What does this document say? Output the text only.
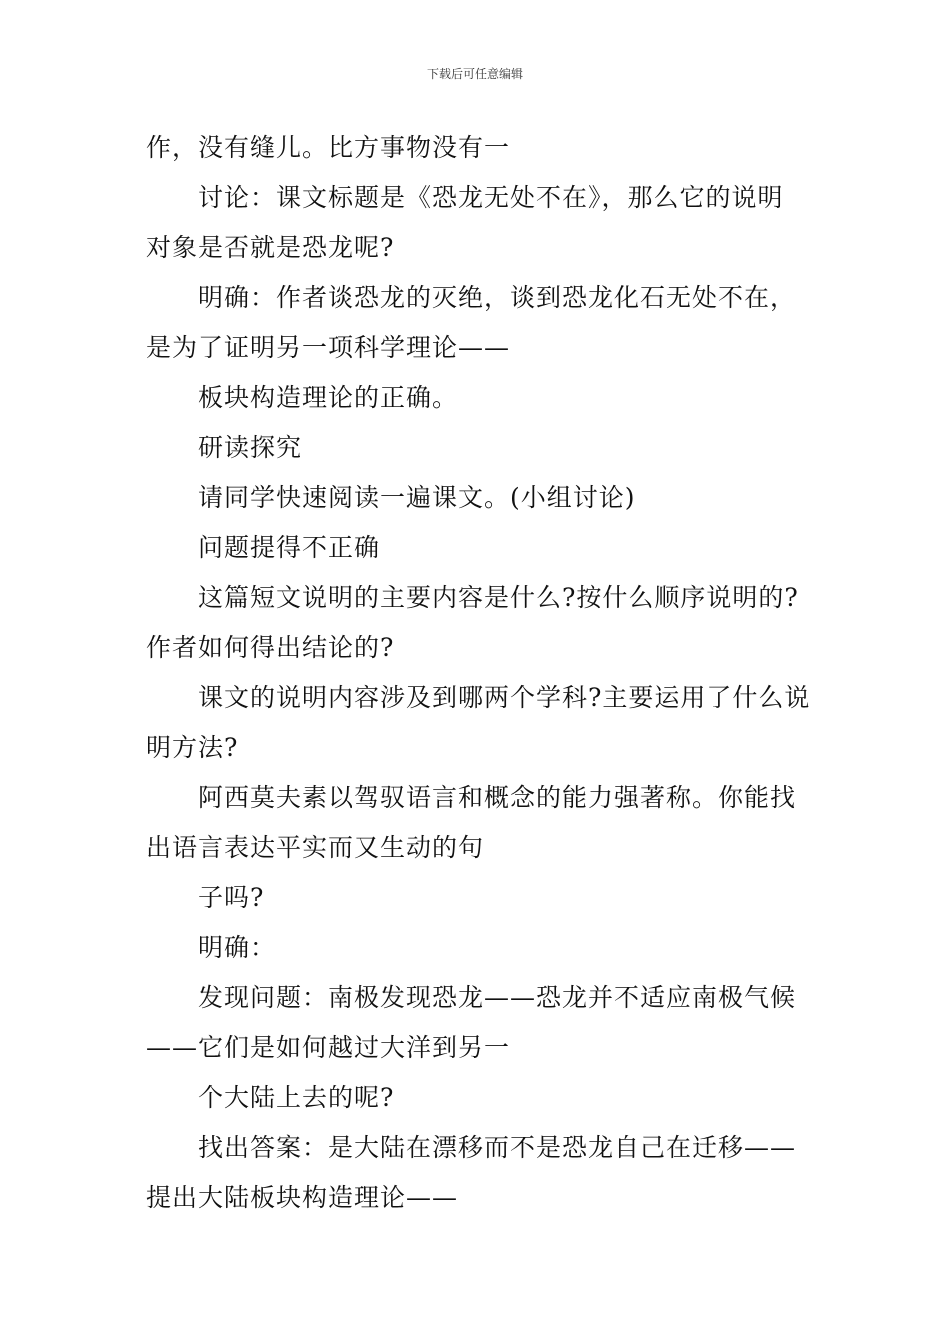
下载后可任意编辑
作，没有缝儿。比方事物没有一
讨论：课文标题是《恐龙无处不在》，那么它的说明
对象是否就是恐龙呢?
明确：作者谈恐龙的灭绝，谈到恐龙化石无处不在，
是为了证明另一项科学理论——
板块构造理论的正确。
研读探究
请同学快速阅读一遍课文。(小组讨论)
问题提得不正确
这篇短文说明的主要内容是什么?按什么顺序说明的?
作者如何得出结论的?
课文的说明内容涉及到哪两个学科?主要运用了什么说
明方法?
阿西莫夫素以驾驭语言和概念的能力强著称。你能找
出语言表达平实而又生动的句
子吗?
明确：
发现问题：南极发现恐龙——恐龙并不适应南极气候
——它们是如何越过大洋到另一
个大陆上去的呢?
找出答案：是大陆在漂移而不是恐龙自己在迁移——
提出大陆板块构造理论——
